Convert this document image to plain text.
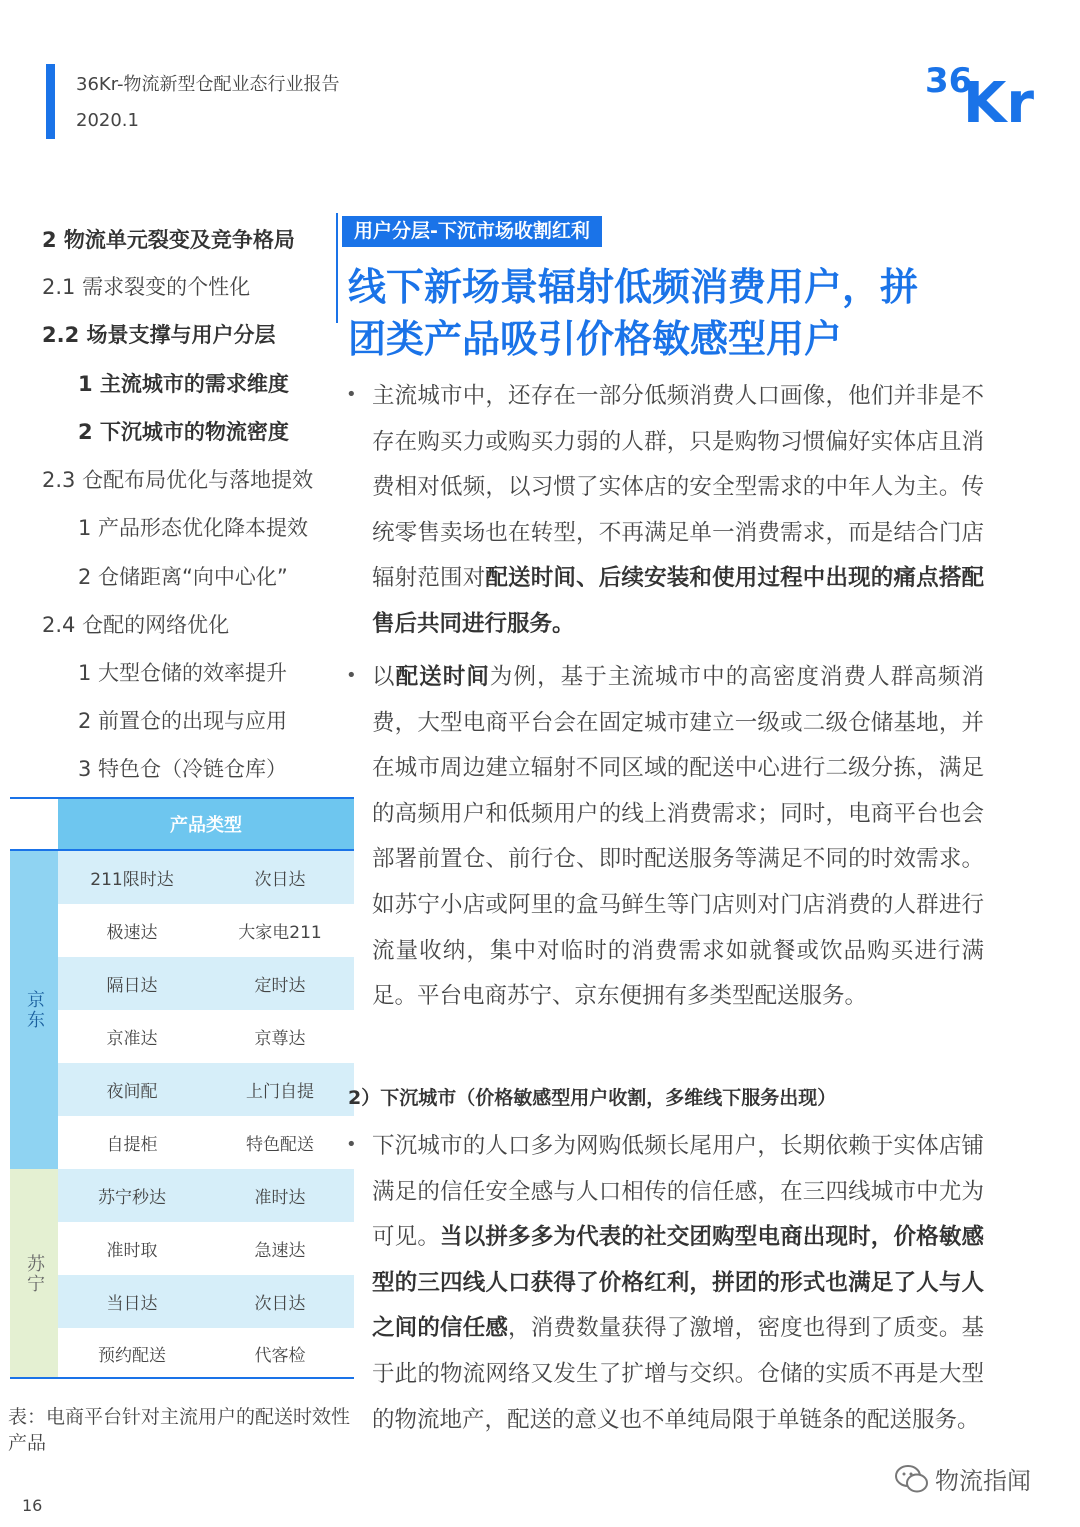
36Kr-物流新型仓配业态行业报告
2020.1
36
Kr
2 物流单元裂变及竞争格局
2.1 需求裂变的个性化
2.2 场景支撑与用户分层
1 主流城市的需求维度
2 下沉城市的物流密度
2.3 仓配布局优化与落地提效
1 产品形态优化降本提效
2 仓储距离“向中心化”
2.4 仓配的网络优化
1 大型仓储的效率提升
2 前置仓的出现与应用
3 特色仓（冷链仓库）
产品类型
京东
苏宁
211限时达	次日达
极速达	大家电211
隔日达	定时达
京准达	京尊达
夜间配	上门自提
自提柜	特色配送
苏宁秒达	准时达
准时取	急速达
当日达	次日达
预约配送	代客检
表：电商平台针对主流用户的配送时效性产品
用户分层-下沉市场收割红利
线下新场景辐射低频消费用户，拼
团类产品吸引价格敏感型用户
• 主流城市中，还存在一部分低频消费人口画像，他们并非是不存在购买力或购买力弱的人群，只是购物习惯偏好实体店且消费相对低频，以习惯了实体店的安全型需求的中年人为主。传统零售卖场也在转型，不再满足单一消费需求，而是结合门店辐射范围对配送时间、后续安装和使用过程中出现的痛点搭配售后共同进行服务。
• 以配送时间为例，基于主流城市中的高密度消费人群高频消费，大型电商平台会在固定城市建立一级或二级仓储基地，并在城市周边建立辐射不同区域的配送中心进行二级分拣，满足的高频用户和低频用户的线上消费需求；同时，电商平台也会部署前置仓、前行仓、即时配送服务等满足不同的时效需求。如苏宁小店或阿里的盒马鲜生等门店则对门店消费的人群进行流量收纳，集中对临时的消费需求如就餐或饮品购买进行满足。平台电商苏宁、京东便拥有多类型配送服务。
2）下沉城市（价格敏感型用户收割，多维线下服务出现）
• 下沉城市的人口多为网购低频长尾用户，长期依赖于实体店铺满足的信任安全感与人口相传的信任感，在三四线城市中尤为可见。当以拼多多为代表的社交团购型电商出现时，价格敏感型的三四线人口获得了价格红利，拼团的形式也满足了人与人之间的信任感，消费数量获得了激增，密度也得到了质变。基于此的物流网络又发生了扩增与交织。仓储的实质不再是大型的物流地产，配送的意义也不单纯局限于单链条的配送服务。
16
物流指闻
